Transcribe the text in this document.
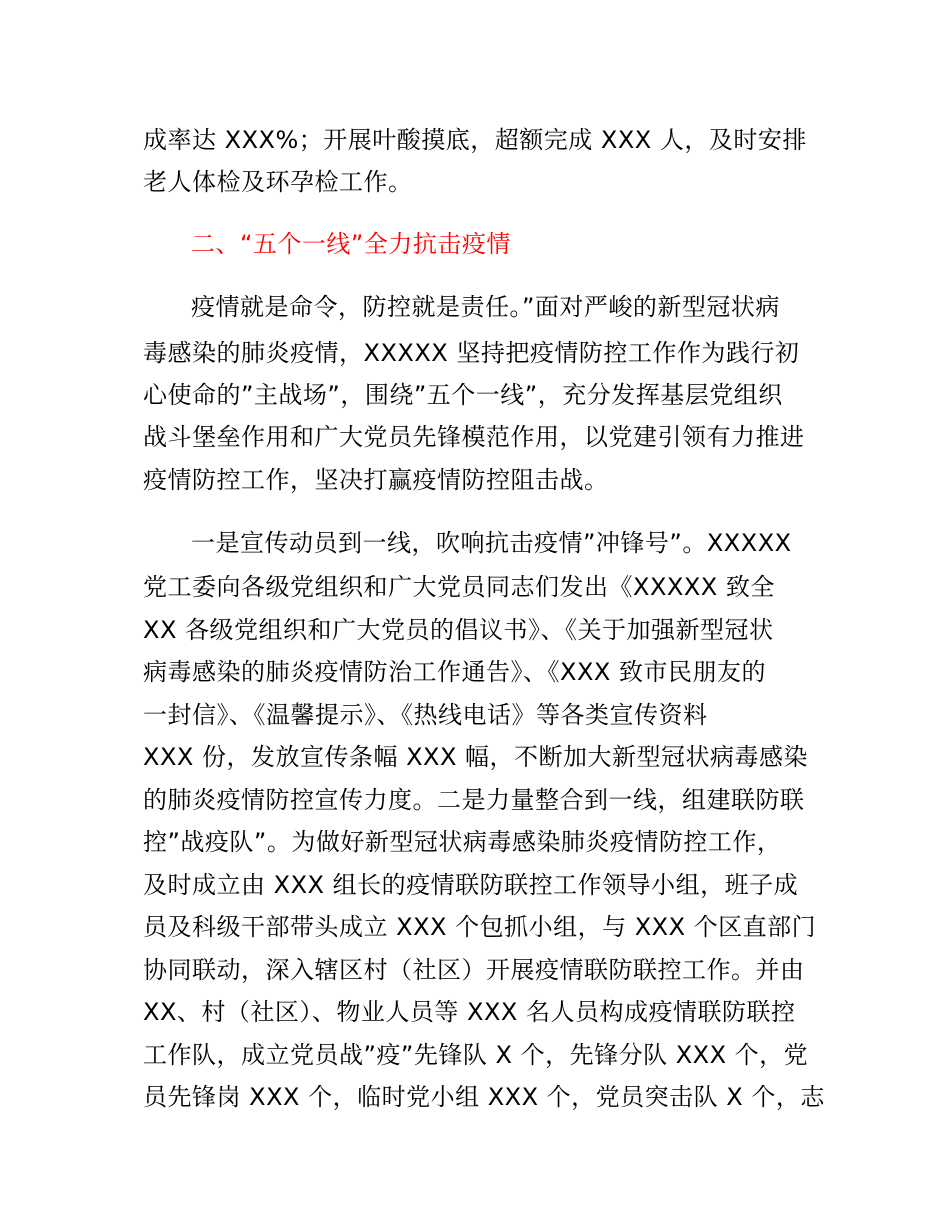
成率达 XXX%；开展叶酸摸底，超额完成 XXX 人，及时安排

老人体检及环孕检工作。

二、“五个一线”全力抗击疫情

疫情就是命令，防控就是责任。”面对严峻的新型冠状病

毒感染的肺炎疫情，XXXXX 坚持把疫情防控工作作为践行初

心使命的”主战场”，围绕”五个一线”，充分发挥基层党组织

战斗堡垒作用和广大党员先锋模范作用，以党建引领有力推进

疫情防控工作，坚决打赢疫情防控阻击战。

一是宣传动员到一线，吹响抗击疫情”冲锋号”。XXXXX

党工委向各级党组织和广大党员同志们发出《XXXXX 致全

XX 各级党组织和广大党员的倡议书》、《关于加强新型冠状

病毒感染的肺炎疫情防治工作通告》、《XXX 致市民朋友的

一封信》、《温馨提示》、《热线电话》等各类宣传资料

XXX 份，发放宣传条幅 XXX 幅，不断加大新型冠状病毒感染

的肺炎疫情防控宣传力度。二是力量整合到一线，组建联防联

控”战疫队”。为做好新型冠状病毒感染肺炎疫情防控工作，

及时成立由 XXX 组长的疫情联防联控工作领导小组，班子成

员及科级干部带头成立 XXX 个包抓小组，与 XXX 个区直部门

协同联动，深入辖区村（社区）开展疫情联防联控工作。并由

XX、村（社区）、物业人员等 XXX 名人员构成疫情联防联控

工作队，成立党员战”疫”先锋队 X 个，先锋分队 XXX 个，党

员先锋岗 XXX 个，临时党小组 XXX 个，党员突击队 X 个，志
